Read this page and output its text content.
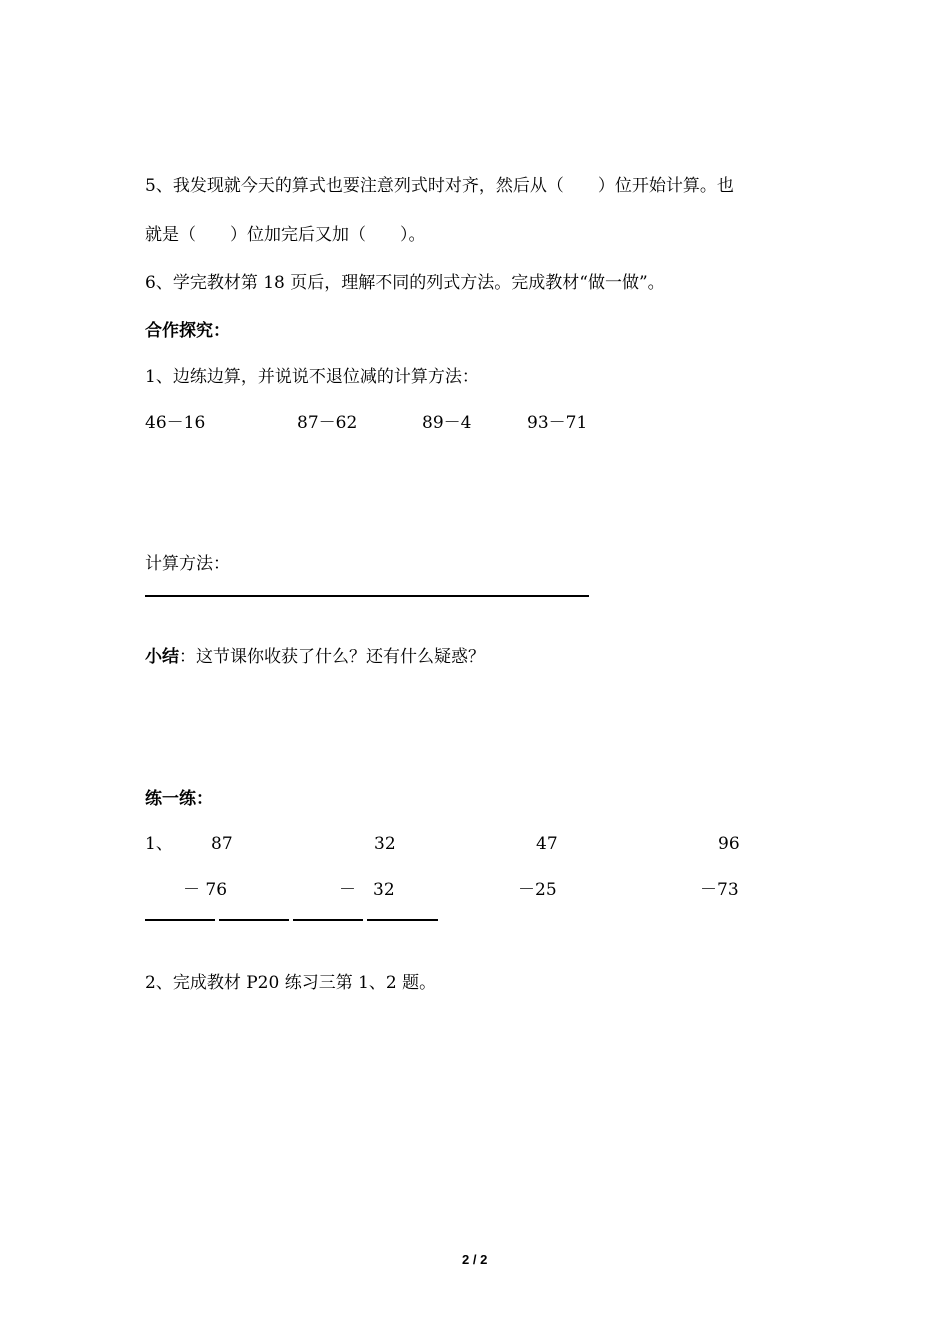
5、我发现就今天的算式也要注意列式时对齐，然后从（　　）位开始计算。也
就是（　　）位加完后又加（　　）。
6、学完教材第 18 页后，理解不同的列式方法。完成教材“做一做”。
合作探究：
1、边练边算，并说说不退位减的计算方法：
46－16	87－62	89－4	93－71
计算方法：
小结：这节课你收获了什么？还有什么疑惑？
练一练：
1、 87	32	47	96
－ 76	－　32	－25	－73
2、完成教材 P20 练习三第 1、2 题。
2 / 2
